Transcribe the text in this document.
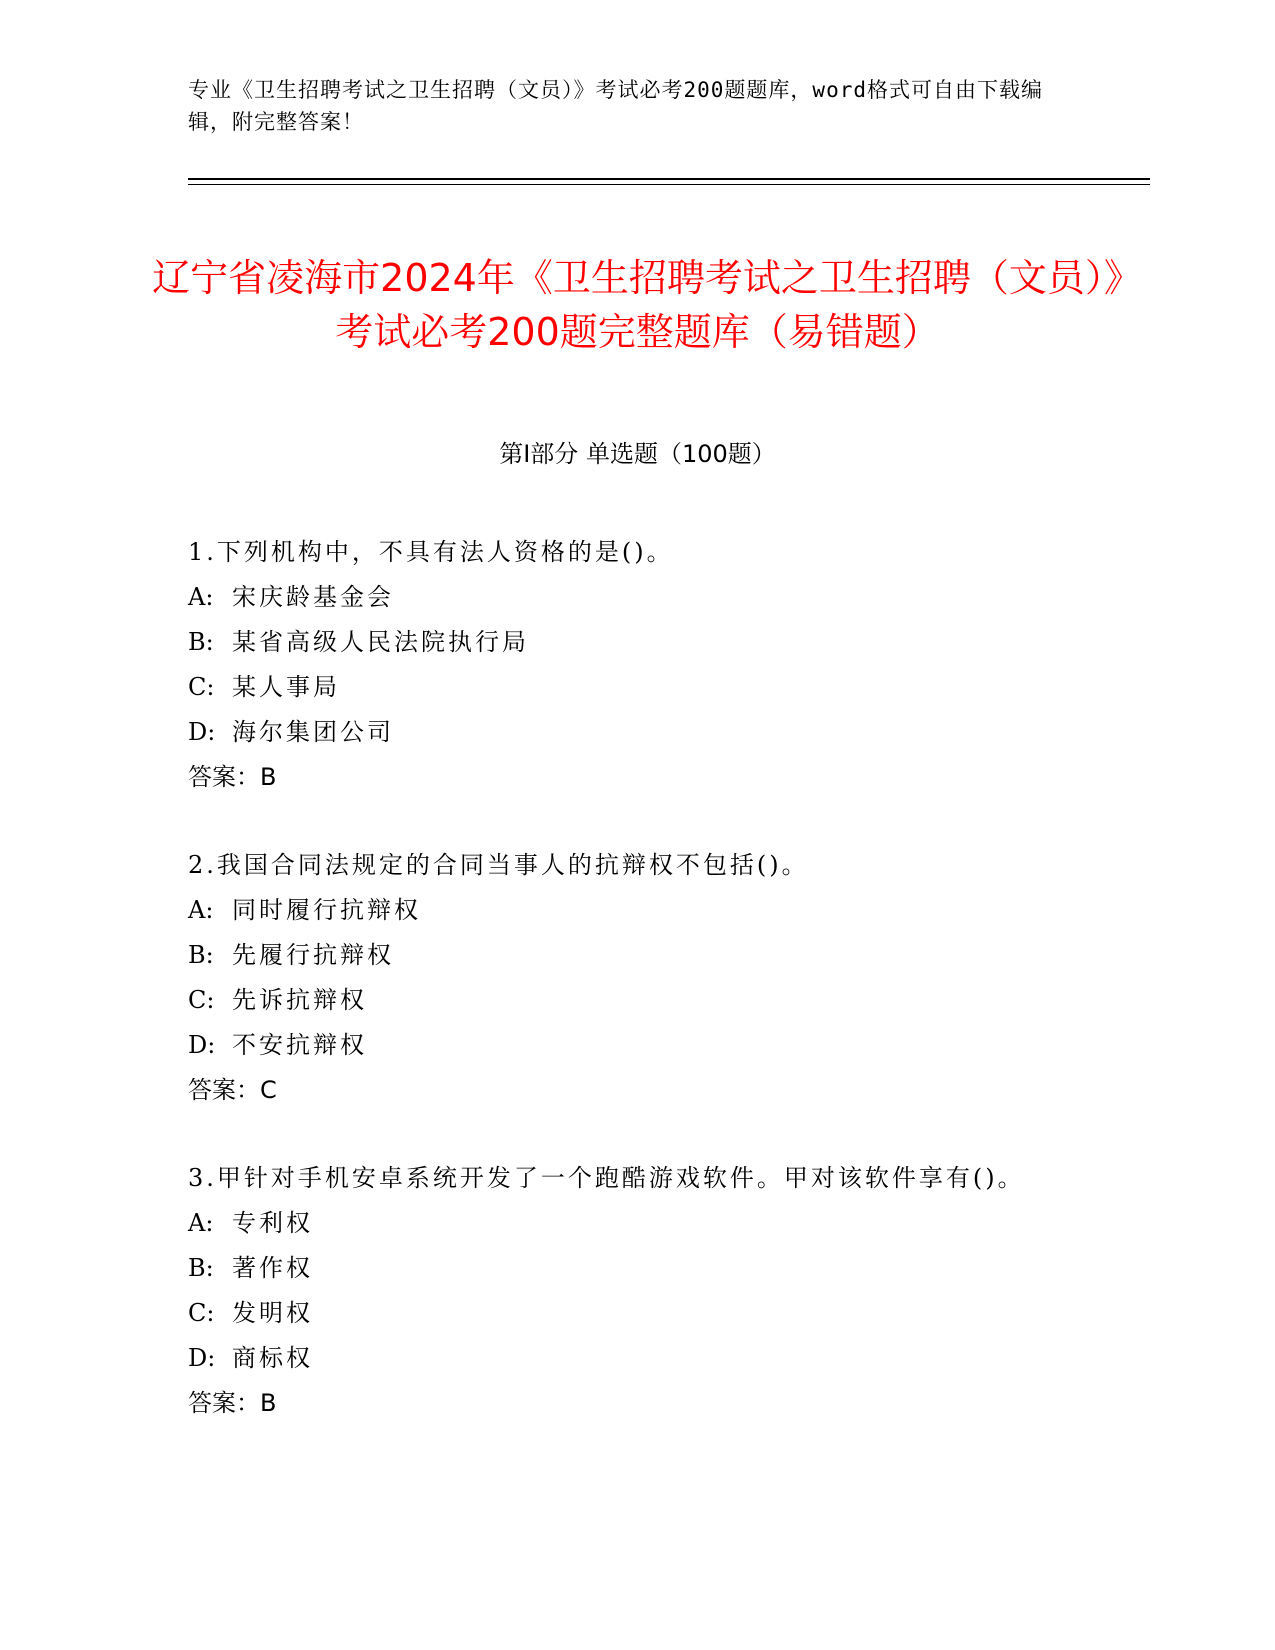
专业《卫生招聘考试之卫生招聘（文员）》考试必考200题题库，word格式可自由下载编辑，附完整答案！
辽宁省凌海市2024年《卫生招聘考试之卫生招聘（文员）》考试必考200题完整题库（易错题）
第Ⅰ部分 单选题（100题）
1.下列机构中，不具有法人资格的是()。
A: 宋庆龄基金会
B: 某省高级人民法院执行局
C: 某人事局
D: 海尔集团公司
答案：B
2.我国合同法规定的合同当事人的抗辩权不包括()。
A: 同时履行抗辩权
B: 先履行抗辩权
C: 先诉抗辩权
D: 不安抗辩权
答案：C
3.甲针对手机安卓系统开发了一个跑酷游戏软件。甲对该软件享有()。
A: 专利权
B: 著作权
C: 发明权
D: 商标权
答案：B
